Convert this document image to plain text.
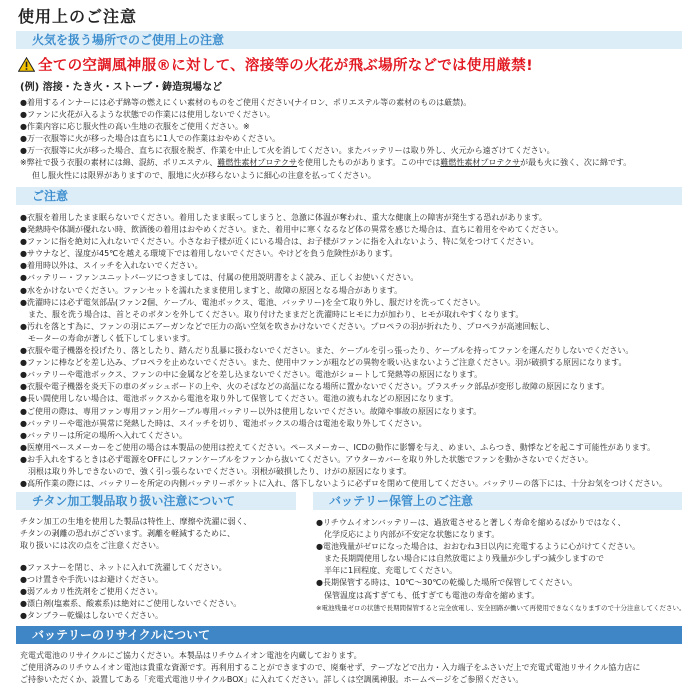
使用上のご注意
火気を扱う場所でのご使用上の注意
全ての空調風神服®に対して、溶接等の火花が飛ぶ場所などでは使用厳禁!
(例) 溶接・たき火・ストーブ・鋳造現場など
●着用するインナーには必ず綿等の燃えにくい素材のものをご使用ください(ナイロン、ポリエステル等の素材のものは厳禁)。
●ファンに火花が入るような状態での作業には使用しないでください。
●作業内容に応じ服火性の高い生地の衣服をご使用ください。※
●万一衣服等に火が移った場合は直ちに1人での作業はおやめください。
●万一衣服等に火が移った場合、直ちに衣服を脱ぎ、作業を中止して火を消してください。またバッテリーは取り外し、火元から遠ざけてください。
※弊社で扱う衣服の素材には綿、混紡、ポリエステル、難燃性素材プロテクサを使用したものがあります。この中では難燃性素材プロテクサが最も火に強く、次に綿です。
但し服火性には限界がありますので、服地に火が移らないように細心の注意を払ってください。
ご注意
●衣服を着用したまま眠らないでください。着用したまま眠ってしまうと、急激に体温が奪われ、重大な健康上の障害が発生する恐れがあります。
●発熱時や体調が優れない時、飲酒後の着用はおやめください。また、着用中に寒くなるなど体の異常を感じた場合は、直ちに着用をやめてください。
●ファンに指を絶対に入れないでください。小さなお子様が近くにいる場合は、お子様がファンに指を入れないよう、特に気をつけてください。
●サウナなど、湿度が45℃を越える環境下では着用しないでください。やけどを負う危険性があります。
●着用時以外は、スイッチを入れないでください。
●バッテリー・ファンユニットパーツにつきましては、付属の使用説明書をよく読み、正しくお使いください。
●水をかけないでください。ファンセットを濡れたまま使用しますと、故障の原因となる場合があります。
●洗濯時には必ず電気部品(ファン2個、ケーブル、電池ボックス、電池、バッテリー)を全て取り外し、服だけを洗ってください。
　また、服を洗う場合は、首とそのボタンを外してください。取り付けたままだと洗濯時にヒモに力が加わり、ヒモが取れやすくなります。
●汚れを落とす為に、ファンの羽にエアーガンなどで圧力の高い空気を吹きかけないでください。プロペラの羽が折れたり、プロペラが高速回転し、
　モーターの寿命が著しく低下してしまいます。
●衣服や電子機器を投げたり、落としたり、踏んだり乱暴に扱わないでください。また、ケーブルを引っ張ったり、ケーブルを持ってファンを運んだりしないでください。
●ファンに棒などを差し込み、プロペラを止めないでください。また、使用中ファンが粗などの異物を吸い込まないようご注意ください。羽が破損する原因になります。
●バッテリーや電池ボックス、ファンの中に金属などを差し込まないでください。電池がショートして発熱等の原因になります。
●衣服や電子機器を炎天下の車のダッシュボードの上や、火のそばなどの高温になる場所に置かないでください。プラスチック部品が変形し故障の原因になります。
●長い間使用しない場合は、電池ボックスから電池を取り外して保管してください。電池の液もれなどの原因になります。
●ご使用の際は、専用ファン専用ファン用ケーブル専用バッテリー以外は使用しないでください。故障や事故の原因になります。
●バッテリーや電池が異常に発熱した時は、スイッチを切り、電池ボックスの場合は電池を取り外してください。
●バッテリーは所定の場所へ入れてください。
●医療用ペースメーカーをご使用の場合は本製品の使用は控えてください。ペースメーカー、ICDの動作に影響を与え、めまい、ふらつき、動悸などを起こす可能性があります。
●お手入れをするときは必ず電源をOFFにしファンケーブルをファンから抜いてください。アウターカバーを取り外した状態でファンを動かさないでください。
　羽根は取り外しできないので、強く引っ張らないでください。羽根が破損したり、けがの原因になります。
●高所作業の際には、バッテリーを所定の内側バッテリーポケットに入れ、落下しないように必ずロを閉めて使用してください。バッテリーの落下には、十分お気をつけください。
チタン加工製品取り扱い注意について
チタン加工の生地を使用した製品は特性上、摩擦や洗濯に弱く、
チタンの剥離の恐れがございます。剥離を軽減するために、
取り扱いには次の点をご注意ください。
●ファスナーを閉じ、ネットに入れて洗濯してください。
●つけ置きや手洗いはお避けください。
●弱アルカリ性洗剤をご使用ください。
●漂白剤(塩素系、酸素系)は絶対にご使用しないでください。
●タンブラー乾燥はしないでください。
バッテリー保管上のご注意
●リチウムイオンバッテリーは、過放電させると著しく寿命を縮めるばかりではなく、
　化学反応により内部が不安定な状態になります。
●電池残量がゼロになった場合は、おおむね3日以内に充電するように心がけてください。
　また長期間使用しない場合には自然放電により残量が少しずつ減少しますので
　半年に1回程度、充電してください。
●長期保管する時は、10℃〜30℃の乾燥した場所で保管してください。
　保管温度は高すぎても、低すぎても電池の寿命を縮めます。
※電池残量ゼロの状態で長期間保管すると完全放電し、安全回路が働いて再使用できなくなりますので十分注意してください。
バッテリーのリサイクルについて
充電式電池のリサイクルにご協力ください。本製品はリチウムイオン電池を内蔵しております。
ご使用済みのリチウムイオン電池は貴重な資源です。再利用することができますので、廃棄せず、テープなどで出力・入力端子をふさいだ上で充電式電池リサイクル協力店に
ご持参いただくか、設置してある「充電式電池リサイクルBOX」に入れてください。詳しくは空調風神服。ホームページをご参照ください。
